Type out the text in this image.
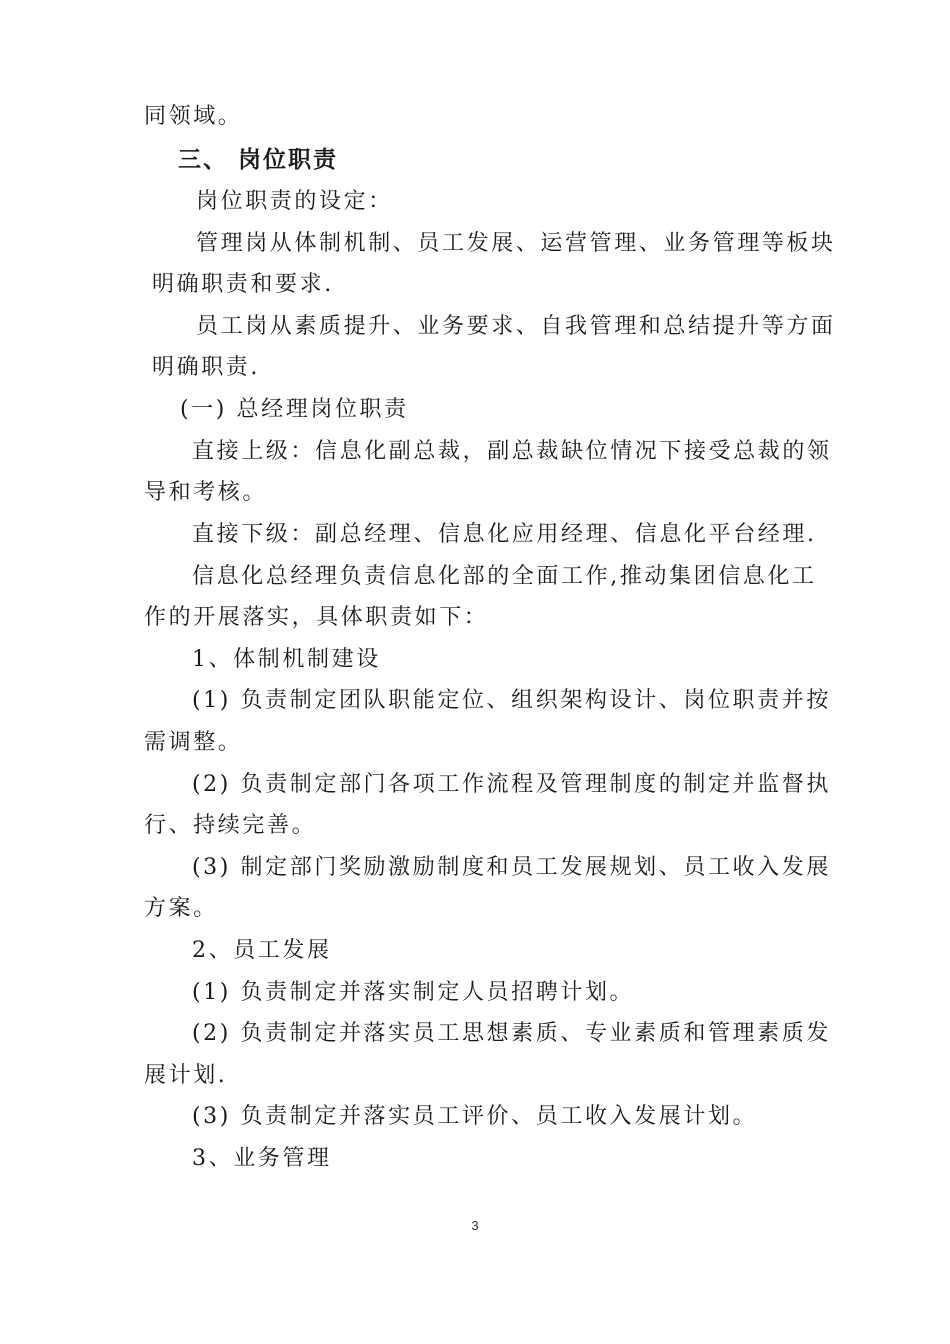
同领域。
三、 岗位职责
岗位职责的设定：
管理岗从体制机制、员工发展、运营管理、业务管理等板块
明确职责和要求.
员工岗从素质提升、业务要求、自我管理和总结提升等方面
明确职责.
(一) 总经理岗位职责
直接上级：信息化副总裁，副总裁缺位情况下接受总裁的领
导和考核。
直接下级：副总经理、信息化应用经理、信息化平台经理.
信息化总经理负责信息化部的全面工作,推动集团信息化工
作的开展落实，具体职责如下：
1、体制机制建设
(1) 负责制定团队职能定位、组织架构设计、岗位职责并按
需调整。
(2) 负责制定部门各项工作流程及管理制度的制定并监督执
行、持续完善。
(3) 制定部门奖励激励制度和员工发展规划、员工收入发展
方案。
2、员工发展
(1) 负责制定并落实制定人员招聘计划。
(2) 负责制定并落实员工思想素质、专业素质和管理素质发
展计划.
(3) 负责制定并落实员工评价、员工收入发展计划。
3、业务管理
3
